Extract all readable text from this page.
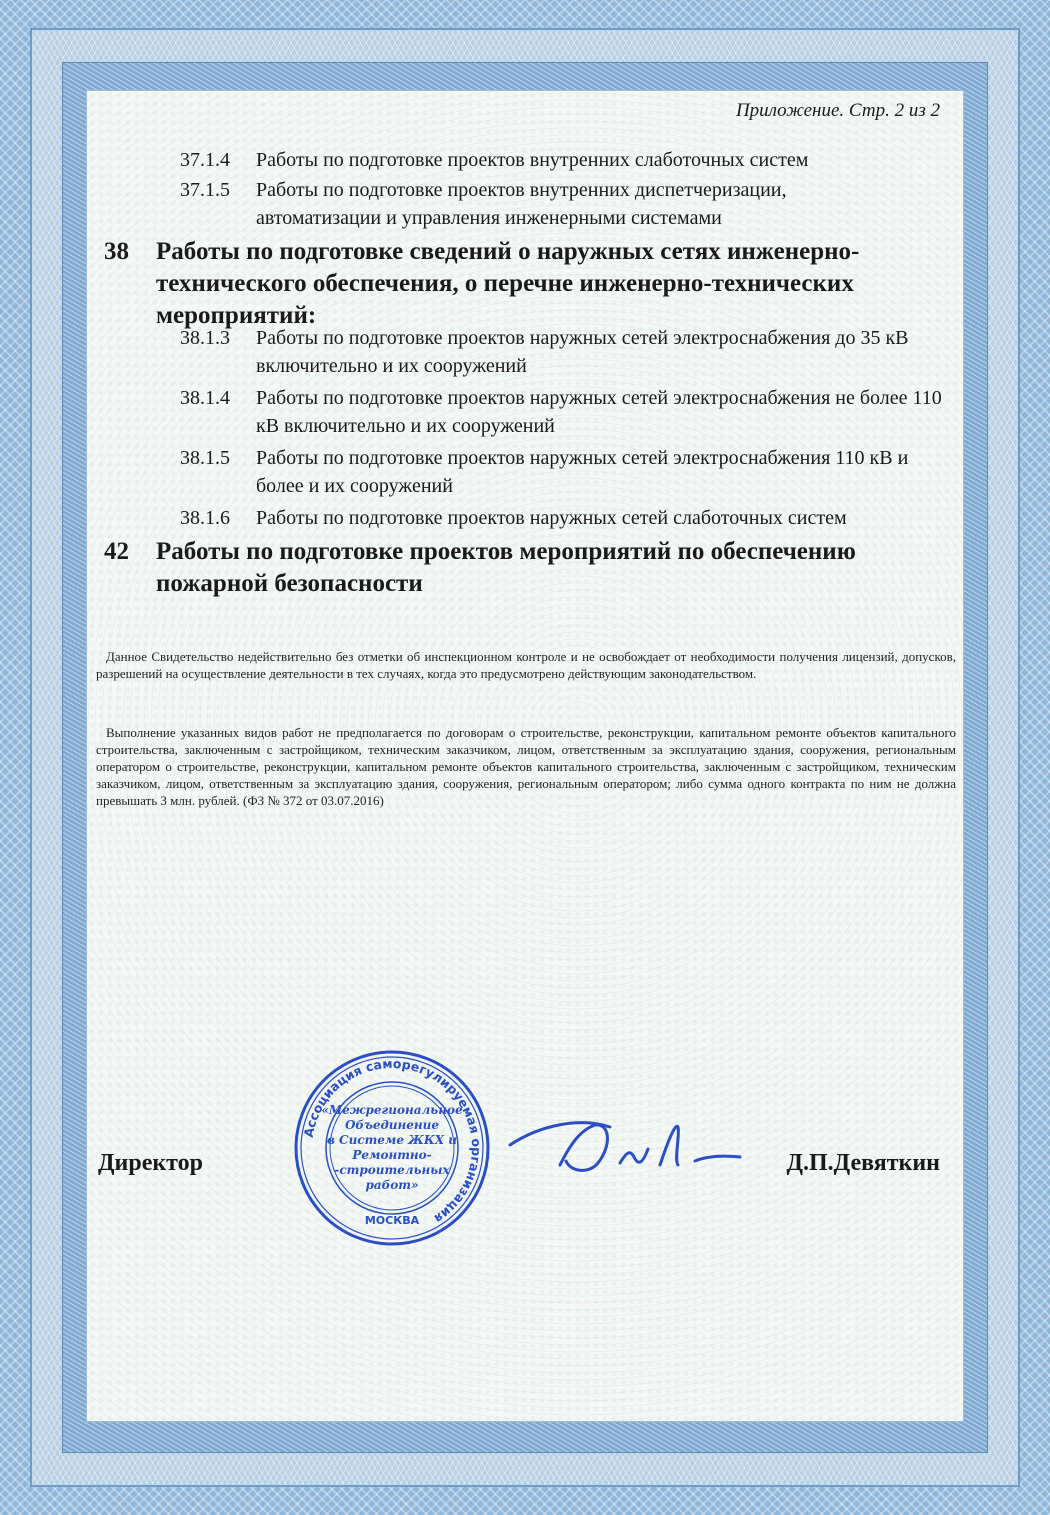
Приложение. Стр. 2 из 2
37.1.4 Работы по подготовке проектов внутренних слаботочных систем
37.1.5 Работы по подготовке проектов внутренних диспетчеризации, автоматизации и управления инженерными системами
38 Работы по подготовке сведений о наружных сетях инженерно-технического обеспечения, о перечне инженерно-технических мероприятий:
38.1.3 Работы по подготовке проектов наружных сетей электроснабжения до 35 кВ включительно и их сооружений
38.1.4 Работы по подготовке проектов наружных сетей электроснабжения не более 110 кВ включительно и их сооружений
38.1.5 Работы по подготовке проектов наружных сетей электроснабжения 110 кВ и более и их сооружений
38.1.6 Работы по подготовке проектов наружных сетей слаботочных систем
42 Работы по подготовке проектов мероприятий по обеспечению пожарной безопасности
Данное Свидетельство недействительно без отметки об инспекционном контроле и не освобождает от необходимости получения лицензий, допусков, разрешений на осуществление деятельности в тех случаях, когда это предусмотрено действующим законодательством.
Выполнение указанных видов работ не предполагается по договорам о строительстве, реконструкции, капитальном ремонте объектов капитального строительства, заключенным с застройщиком, техническим заказчиком, лицом, ответственным за эксплуатацию здания, сооружения, региональным оператором о строительстве, реконструкции, капитальном ремонте объектов капитального строительства, заключенным с застройщиком, техническим заказчиком, лицом, ответственным за эксплуатацию здания, сооружения, региональным оператором; либо сумма одного контракта по ним не должна превышать 3 млн. рублей. (ФЗ № 372 от 03.07.2016)
Директор	Д.П.Девяткин
Ассоциация саморегулируемая организация
«Межрегиональное
Объединение
в Системе ЖКХ и
Ремонтно-
-строительных
работ»
МОСКВА
